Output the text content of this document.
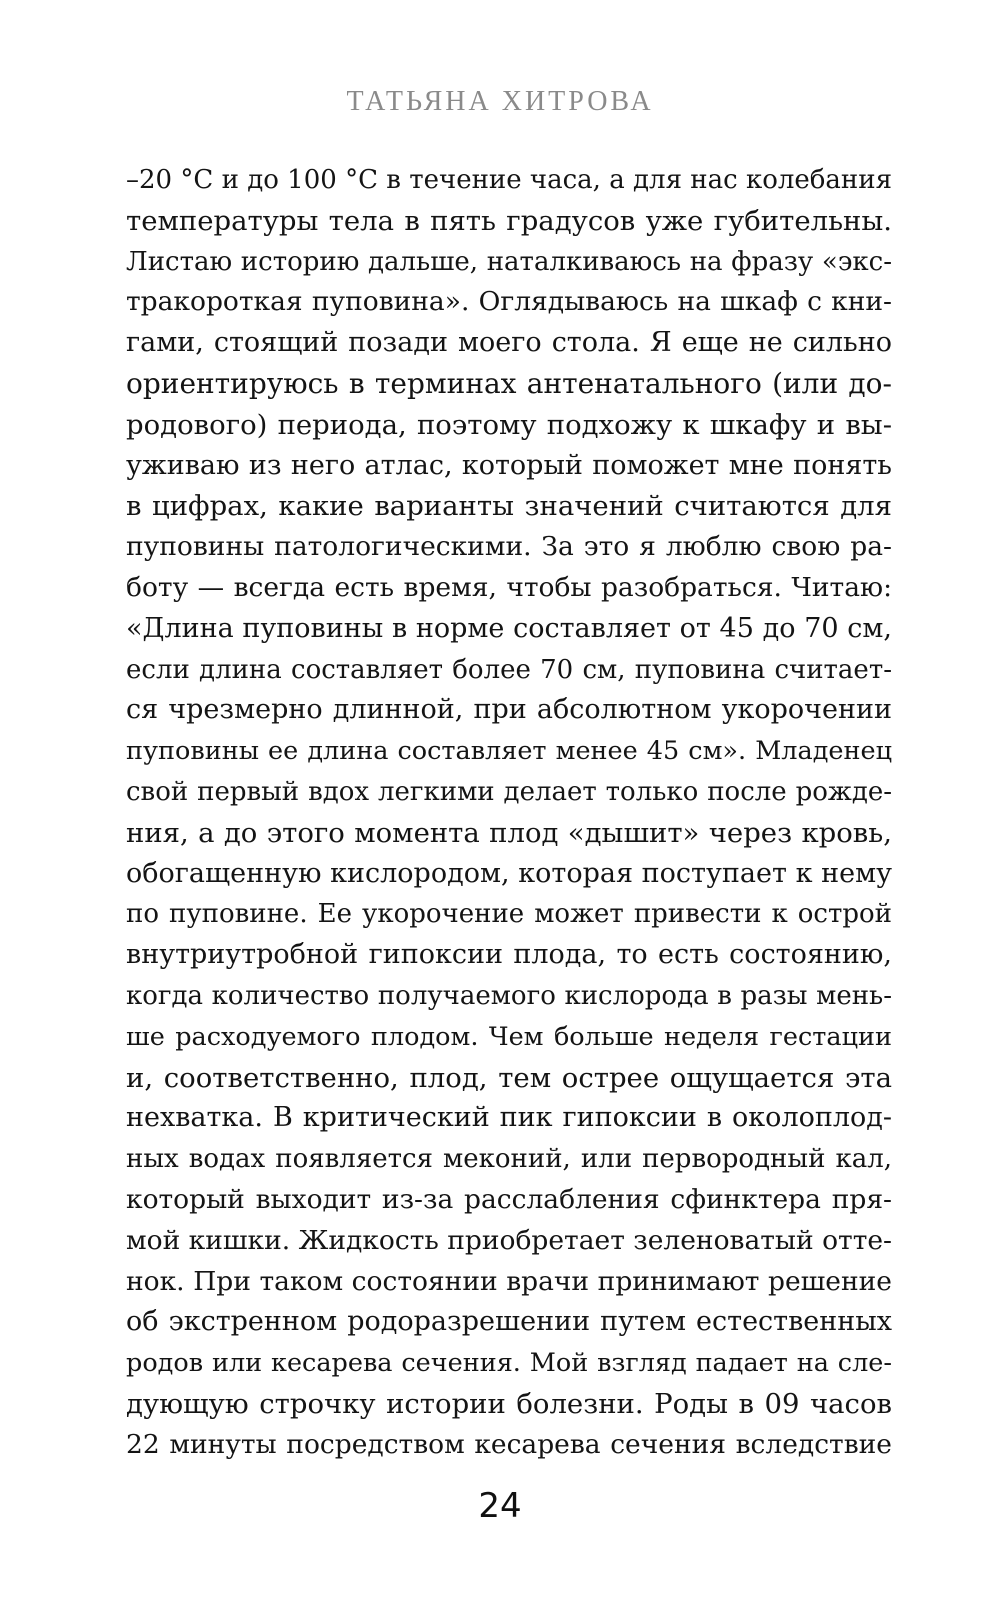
ТАТЬЯНА ХИТРОВА
–20 °С и до 100 °С в течение часа, а для нас колебания
температуры тела в пять градусов уже губительны.
Листаю историю дальше, наталкиваюсь на фразу «экс-
тракороткая пуповина». Оглядываюсь на шкаф с кни-
гами, стоящий позади моего стола. Я еще не сильно
ориентируюсь в терминах антенатального (или до-
родового) периода, поэтому подхожу к шкафу и вы-
уживаю из него атлас, который поможет мне понять
в цифрах, какие варианты значений считаются для
пуповины патологическими. За это я люблю свою ра-
боту — всегда есть время, чтобы разобраться. Читаю:
«Длина пуповины в норме составляет от 45 до 70 см,
если длина составляет более 70 см, пуповина считает-
ся чрезмерно длинной, при абсолютном укорочении
пуповины ее длина составляет менее 45 см». Младенец
свой первый вдох легкими делает только после рожде-
ния, а до этого момента плод «дышит» через кровь,
обогащенную кислородом, которая поступает к нему
по пуповине. Ее укорочение может привести к острой
внутриутробной гипоксии плода, то есть состоянию,
когда количество получаемого кислорода в разы мень-
ше расходуемого плодом. Чем больше неделя гестации
и, соответственно, плод, тем острее ощущается эта
нехватка. В критический пик гипоксии в околоплод-
ных водах появляется меконий, или первородный кал,
который выходит из-за расслабления сфинктера пря-
мой кишки. Жидкость приобретает зеленоватый отте-
нок. При таком состоянии врачи принимают решение
об экстренном родоразрешении путем естественных
родов или кесарева сечения. Мой взгляд падает на сле-
дующую строчку истории болезни. Роды в 09 часов
22 минуты посредством кесарева сечения вследствие
24
